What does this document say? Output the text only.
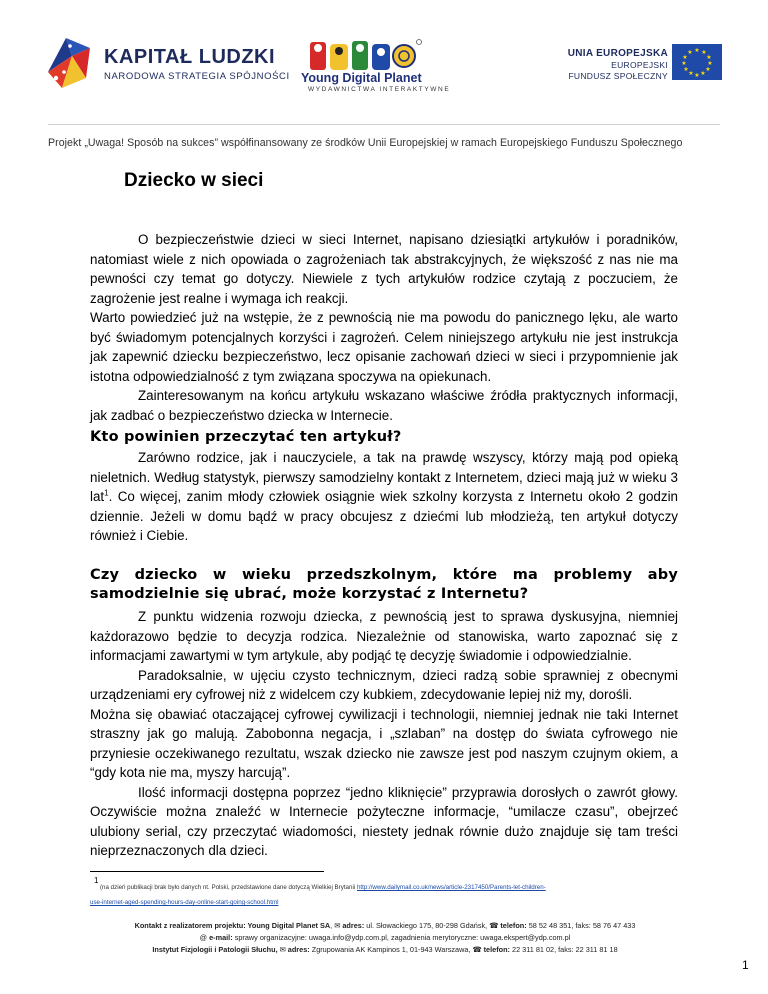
KAPITAŁ LUDZKI
NARODOWA STRATEGIA SPÓJNOŚCI Young Digital Planet
WYDAWNICTWA INTERAKTYWNE
UNIA EUROPEJSKA
EUROPEJSKI
FUNDUSZ SPOŁECZNY
★ ★
★
★
★
★
★
★
★
★
★
★
Projekt „Uwaga! Sposób na sukces” współfinansowany ze środków Unii Europejskiej w ramach Europejskiego Funduszu Społecznego
Dziecko w sieci

O bezpieczeństwie dzieci w sieci Internet, napisano dziesiątki artykułów i poradników, natomiast wiele z nich opowiada o zagrożeniach tak abstrakcyjnych, że większość z nas nie ma pewności czy temat go dotyczy. Niewiele z tych artykułów rodzice czytają z poczuciem, że zagrożenie jest realne i wymaga ich reakcji.

Warto powiedzieć już na wstępie, że z pewnością nie ma powodu do panicznego lęku, ale warto być świadomym potencjalnych korzyści i zagrożeń. Celem niniejszego artykułu nie jest instrukcja jak zapewnić dziecku bezpieczeństwo, lecz opisanie zachowań dzieci w sieci i przypomnienie jak istotna odpowiedzialność z tym związana spoczywa na opiekunach.

Zainteresowanym na końcu artykułu wskazano właściwe źródła praktycznych informacji, jak zadbać o bezpieczeństwo dziecka w Internecie.

Kto powinien przeczytać ten artykuł?

Zarówno rodzice, jak i nauczyciele, a tak na prawdę wszyscy, którzy mają pod opieką nieletnich. Według statystyk, pierwszy samodzielny kontakt z Internetem, dzieci mają już w wieku 3 lat$^1$. Co więcej, zanim młody człowiek osiągnie wiek szkolny korzysta z Internetu około 2 godzin dziennie. Jeżeli w domu bądź w pracy obcujesz z dziećmi lub młodzieżą, ten artykuł dotyczy również i Ciebie.

Czy dziecko w wieku przedszkolnym, które ma problemy aby
samodzielnie się ubrać, może korzystać z Internetu?

Z punktu widzenia rozwoju dziecka, z pewnością jest to sprawa dyskusyjna, niemniej każdorazowo będzie to decyzja rodzica. Niezależnie od stanowiska, warto zapoznać się z informacjami zawartymi w tym artykule, aby podjąć tę decyzję świadomie i odpowiedzialnie.

Paradoksalnie, w ujęciu czysto technicznym, dzieci radzą sobie sprawniej z obecnymi urządzeniami ery cyfrowej niż z widelcem czy kubkiem, zdecydowanie lepiej niż my, dorośli.

Można się obawiać otaczającej cyfrowej cywilizacji i technologii, niemniej jednak nie taki Internet straszny jak go malują. Zabobonna negacja, i „szlaban” na dostęp do świata cyfrowego nie przyniesie oczekiwanego rezultatu, wszak dziecko nie zawsze jest pod naszym czujnym okiem, a “gdy kota nie ma, myszy harcują”.

Ilość informacji dostępna poprzez “jedno kliknięcie” przyprawia dorosłych o zawrót głowy. Oczywiście można znaleźć w Internecie pożyteczne informacje, “umilacze czasu”, obejrzeć ulubiony serial, czy przeczytać wiadomości, niestety jednak równie dużo znajduje się tam treści nieprzeznaczonych dla dzieci.

1
(na dzień publikacji brak było danych nt. Polski, przedstawione dane dotyczą Wielkiej Brytanii http://www.dailymail.co.uk/news/article-2317450/Parents-let-children-
use-internet-aged-spending-hours-day-online-start-going-school.html
Kontakt z realizatorem projektu: Young Digital Planet SA, ✉ adres: ul. Słowackiego 175, 80-298 Gdańsk, ☎ telefon: 58 52 48 351, faks: 58 76 47 433
@ e-mail: sprawy organizacyjne: uwaga.info@ydp.com.pl, zagadnienia merytoryczne: uwaga.ekspert@ydp.com.pl
Instytut Fizjologii i Patologii Słuchu, ✉ adres: Zgrupowania AK Kampinos 1, 01-943 Warszawa, ☎ telefon: 22 311 81 02, faks: 22 311 81 18
1
